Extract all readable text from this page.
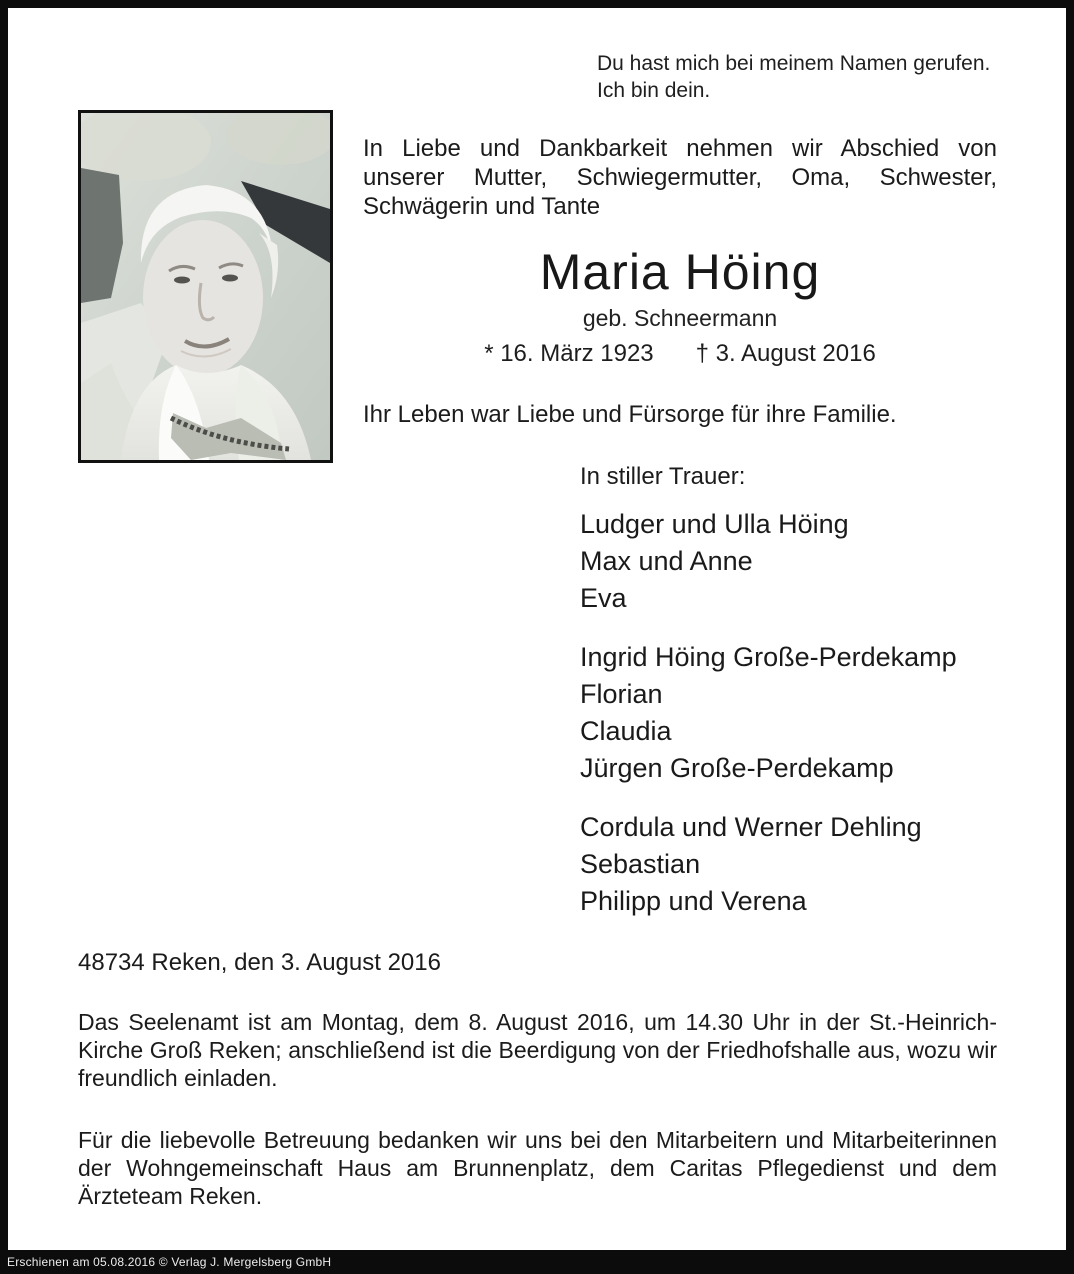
Du hast mich bei meinem Namen gerufen.
Ich bin dein.
In Liebe und Dankbarkeit nehmen wir Abschied von unserer Mutter, Schwiegermutter, Oma, Schwester, Schwägerin und Tante
Maria Höing
geb. Schneermann
* 16. März 1923 † 3. August 2016
Ihr Leben war Liebe und Fürsorge für ihre Familie.
In stiller Trauer:
Ludger und Ulla Höing
Max und Anne
Eva
Ingrid Höing Große-Perdekamp
Florian
Claudia
Jürgen Große-Perdekamp
Cordula und Werner Dehling
Sebastian
Philipp und Verena
48734 Reken, den 3. August 2016

Das Seelenamt ist am Montag, dem 8. August 2016, um 14.30 Uhr in der St.-Heinrich-Kirche Groß Reken; anschließend ist die Beerdigung von der Friedhofshalle aus, wozu wir freundlich einladen.

Für die liebevolle Betreuung bedanken wir uns bei den Mitarbeitern und Mitarbeiterinnen der Wohngemeinschaft Haus am Brunnenplatz, dem Caritas Pflegedienst und dem Ärzteteam Reken.

Erschienen am 05.08.2016 © Verlag J. Mergelsberg GmbH
